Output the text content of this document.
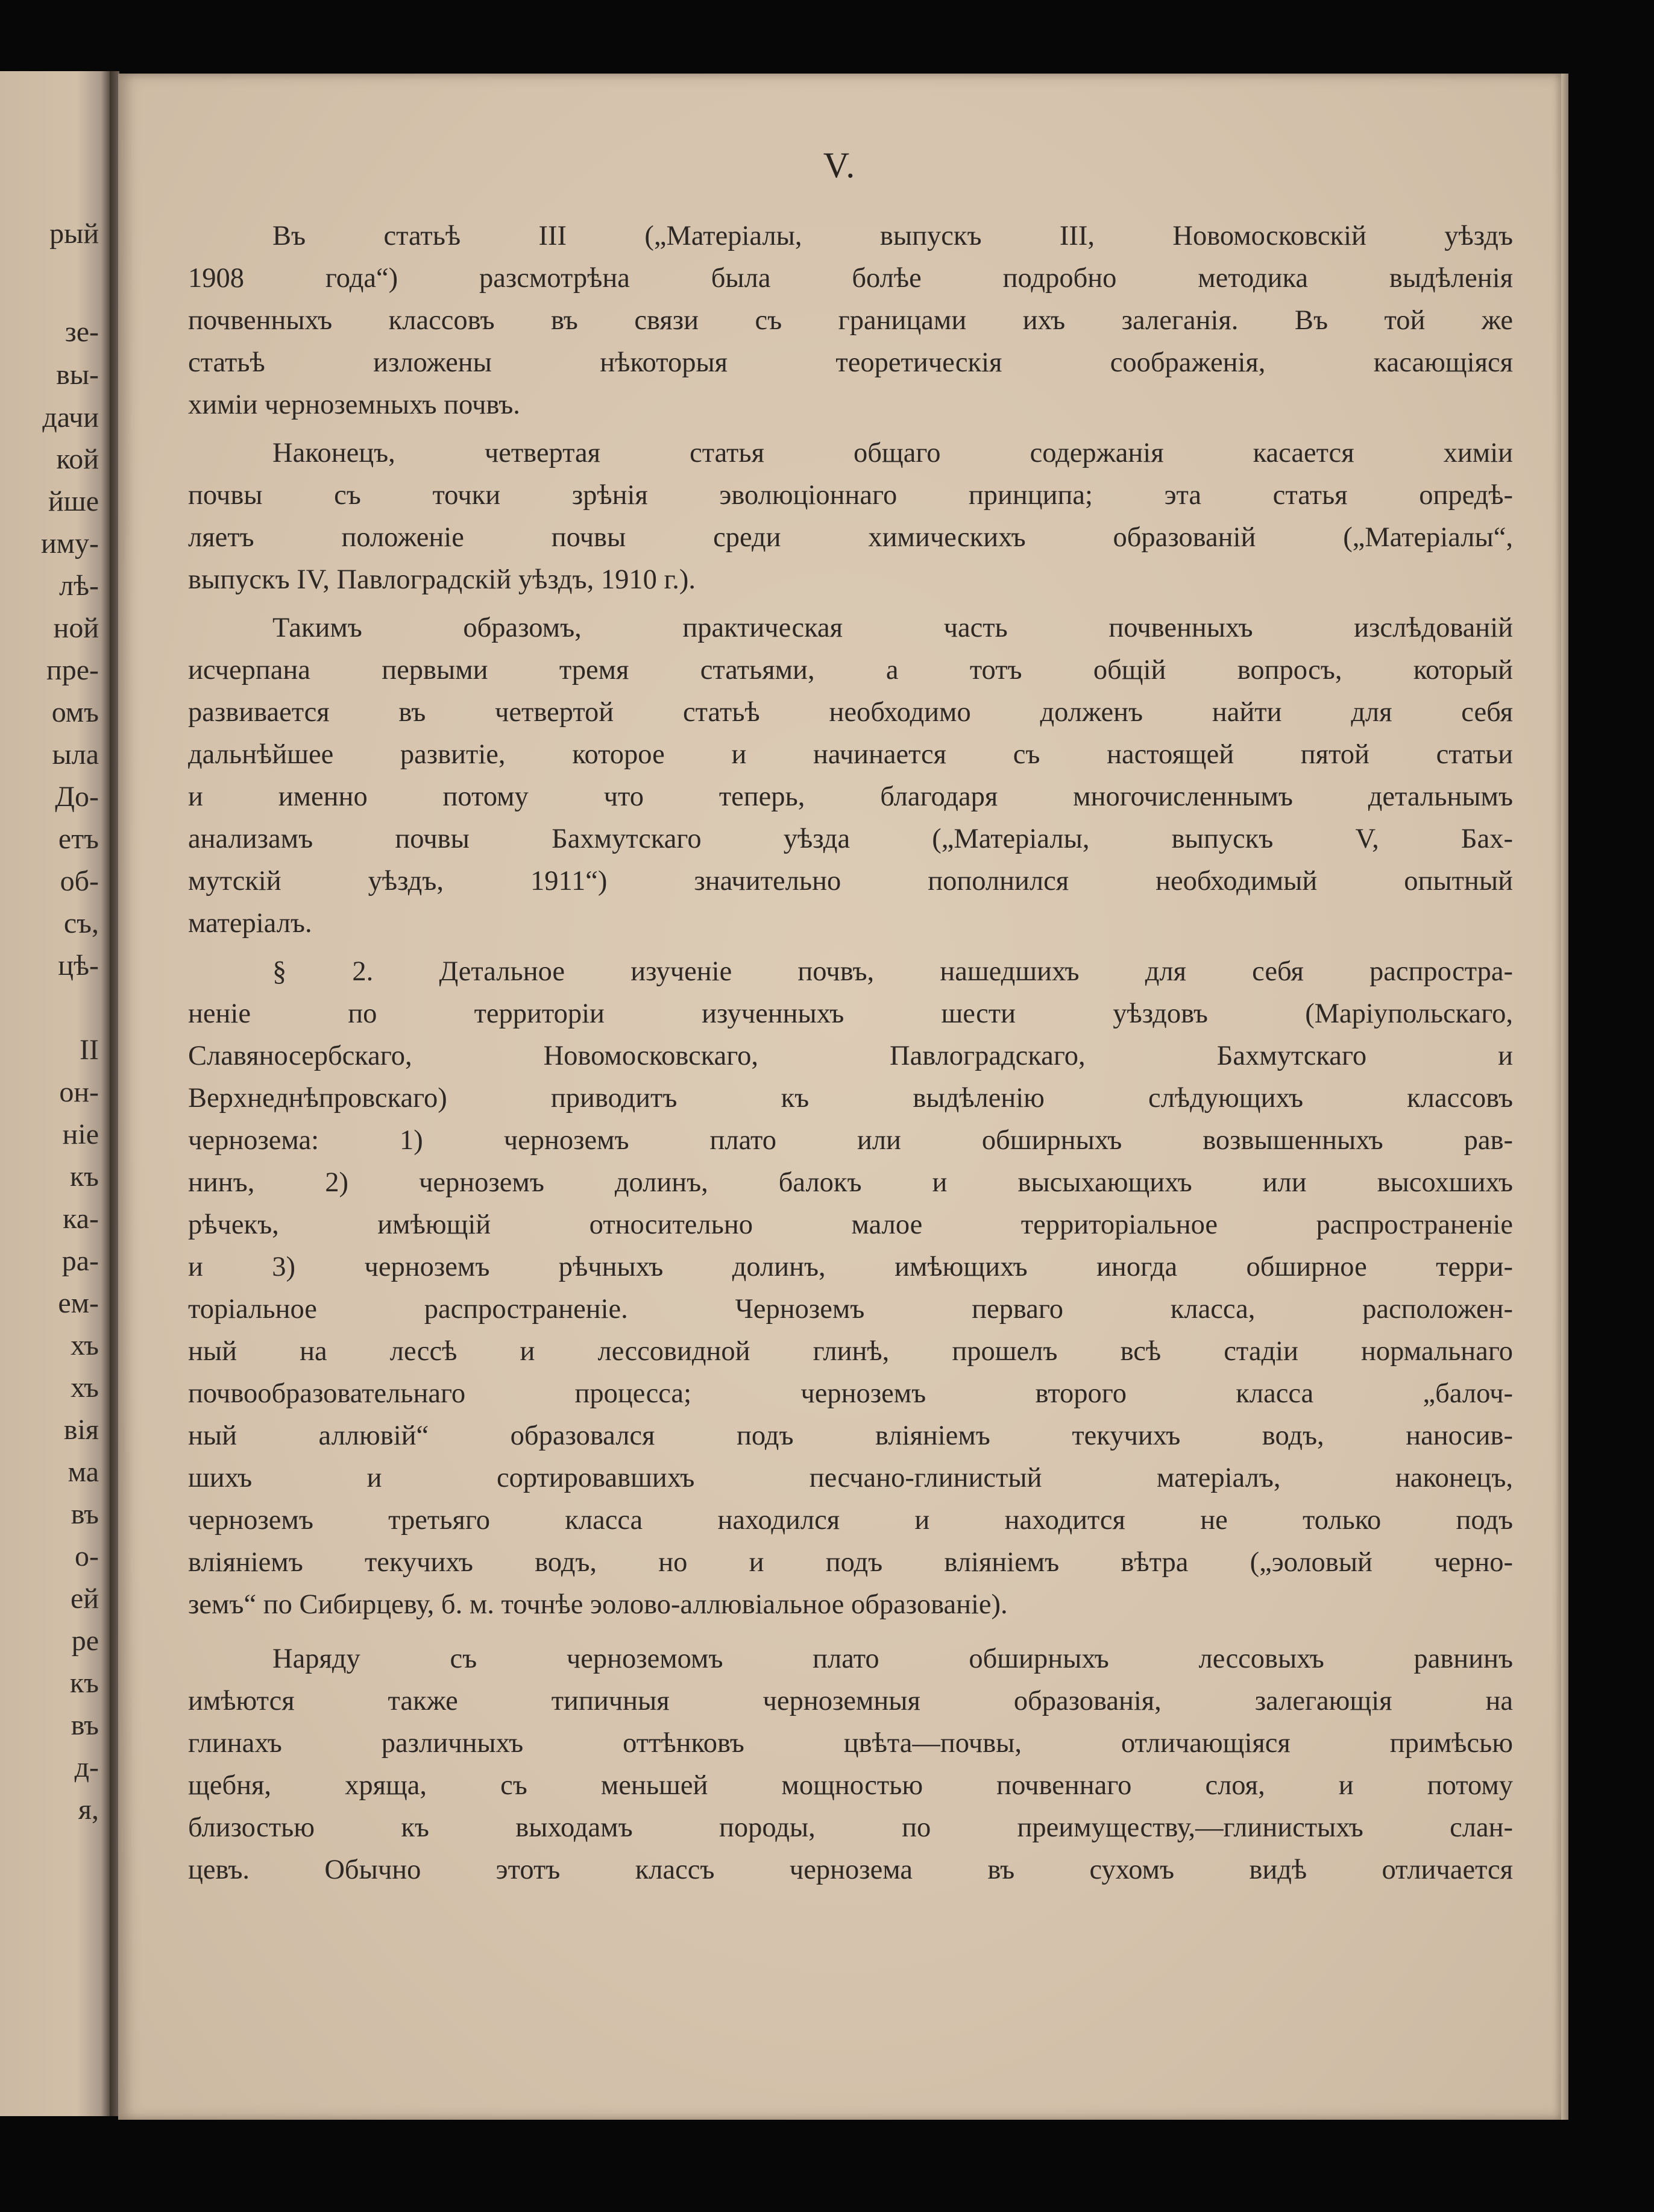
рый
зе-
вы-
дачи
кой
йше
иму-
лѣ-
ной
пре-
омъ
ыла
До-
етъ
об-
съ,
цѣ-
II
он-
ніе
къ
ка-
ра-
ем-
хъ
хъ
вія
ма
въ
о-
ей
ре
къ
въ
д-
я,
V.
Въ статьѣ III („Матеріалы, выпускъ III, Новомосковскій уѣздъ
1908 года“) разсмотрѣна была болѣе подробно методика выдѣленія
почвенныхъ классовъ въ связи съ границами ихъ залеганія. Въ той же
статьѣ изложены нѣкоторыя теоретическія соображенія, касающіяся
химіи черноземныхъ почвъ.
Наконецъ, четвертая статья общаго содержанія касается химіи
почвы съ точки зрѣнія эволюціоннаго принципа; эта статья опредѣ-
ляетъ положеніе почвы среди химическихъ образованій („Матеріалы“,
выпускъ IV, Павлоградскій уѣздъ, 1910 г.).
Такимъ образомъ, практическая часть почвенныхъ изслѣдованій
исчерпана первыми тремя статьями, а тотъ общій вопросъ, который
развивается въ четвертой статьѣ необходимо долженъ найти для себя
дальнѣйшее развитіе, которое и начинается съ настоящей пятой статьи
и именно потому что теперь, благодаря многочисленнымъ детальнымъ
анализамъ почвы Бахмутскаго уѣзда („Матеріалы, выпускъ V, Бах-
мутскій уѣздъ, 1911“) значительно пополнился необходимый опытный
матеріалъ.
§ 2. Детальное изученіе почвъ, нашедшихъ для себя распростра-
неніе по территоріи изученныхъ шести уѣздовъ (Маріупольскаго,
Славяносербскаго, Новомосковскаго, Павлоградскаго, Бахмутскаго и
Верхнеднѣпровскаго) приводитъ къ выдѣленію слѣдующихъ классовъ
чернозема: 1) черноземъ плато или обширныхъ возвышенныхъ рав-
нинъ, 2) черноземъ долинъ, балокъ и высыхающихъ или высохшихъ
рѣчекъ, имѣющій относительно малое территоріальное распространеніе
и 3) черноземъ рѣчныхъ долинъ, имѣющихъ иногда обширное терри-
торіальное распространеніе. Черноземъ перваго класса, расположен-
ный на лессѣ и лессовидной глинѣ, прошелъ всѣ стадіи нормальнаго
почвообразовательнаго процесса; черноземъ второго класса „балоч-
ный аллювій“ образовался подъ вліяніемъ текучихъ водъ, наносив-
шихъ и сортировавшихъ песчано-глинистый матеріалъ, наконецъ,
черноземъ третьяго класса находился и находится не только подъ
вліяніемъ текучихъ водъ, но и подъ вліяніемъ вѣтра („эоловый черно-
земъ“ по Сибирцеву, б. м. точнѣе эолово-аллювіальное образованіе).
Наряду съ черноземомъ плато обширныхъ лессовыхъ равнинъ
имѣются также типичныя черноземныя образованія, залегающія на
глинахъ различныхъ оттѣнковъ цвѣта—почвы, отличающіяся примѣсью
щебня, хряща, съ меньшей мощностью почвеннаго слоя, и потому
близостью къ выходамъ породы, по преимуществу,—глинистыхъ слан-
цевъ. Обычно этотъ классъ чернозема въ сухомъ видѣ отличается
